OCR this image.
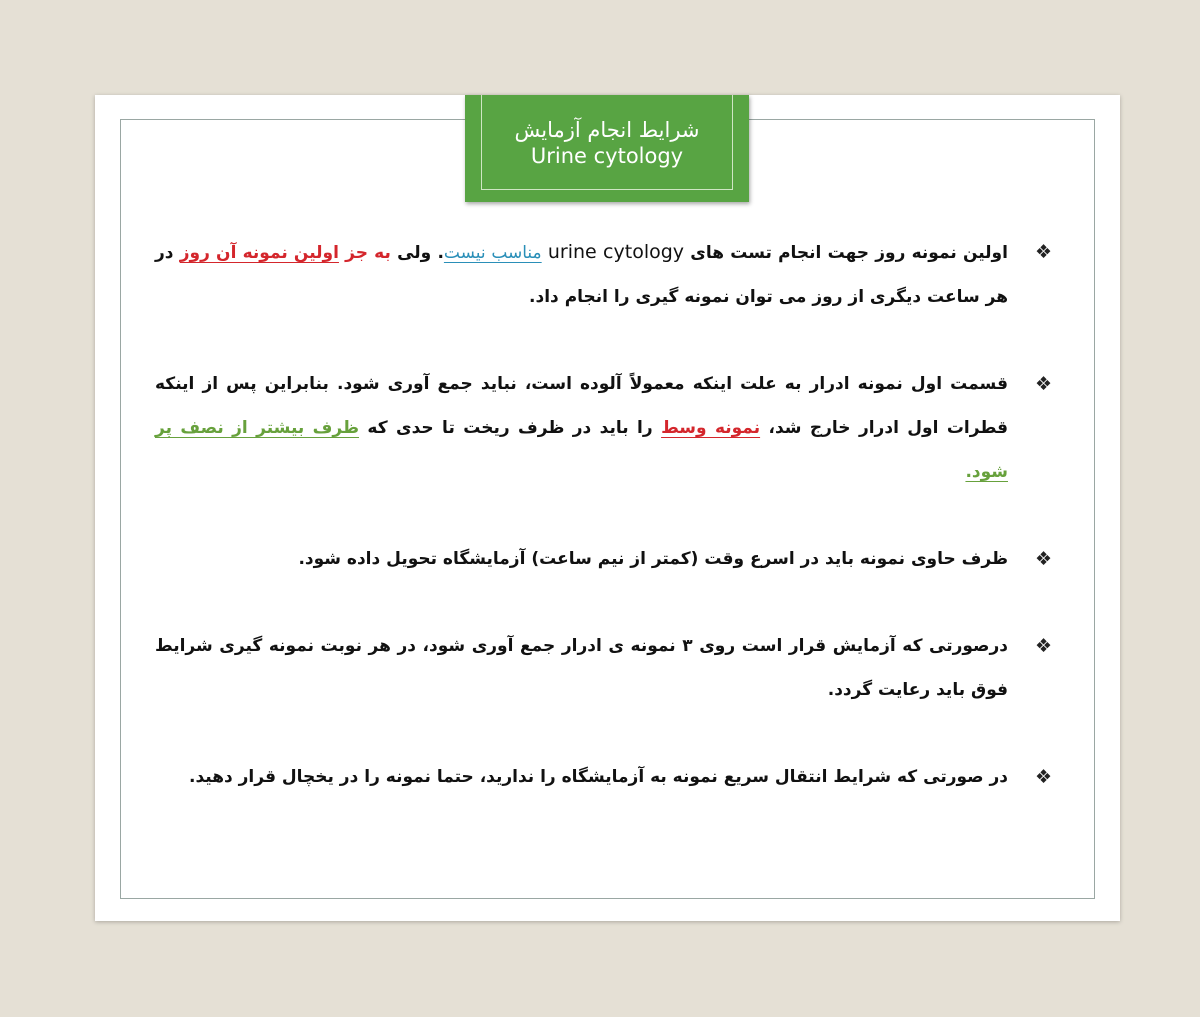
شرایط انجام آزمایش
Urine cytology
❖
اولین نمونه روز جهت انجام تست های urine cytology مناسب نیست. ولی به جز اولین نمونه آن روز در هر ساعت دیگری از روز می توان نمونه گیری را انجام داد.
❖
قسمت اول نمونه ادرار به علت اینکه معمولاً آلوده است، نباید جمع آوری شود. بنابراین پس از اینکه قطرات اول ادرار خارج شد، نمونه وسط را باید در ظرف ریخت تا حدی که ظرف بیشتر از نصف پر شود.
❖
ظرف حاوی نمونه باید در اسرع وقت (کمتر از نیم ساعت) آزمایشگاه تحویل داده شود.
❖
درصورتی که آزمایش قرار است روی ۳ نمونه ی ادرار جمع آوری شود، در هر نوبت نمونه گیری شرایط فوق باید رعایت گردد.
❖
در صورتی که شرایط انتقال سریع نمونه به آزمایشگاه را ندارید، حتما نمونه را در یخچال قرار دهید.
